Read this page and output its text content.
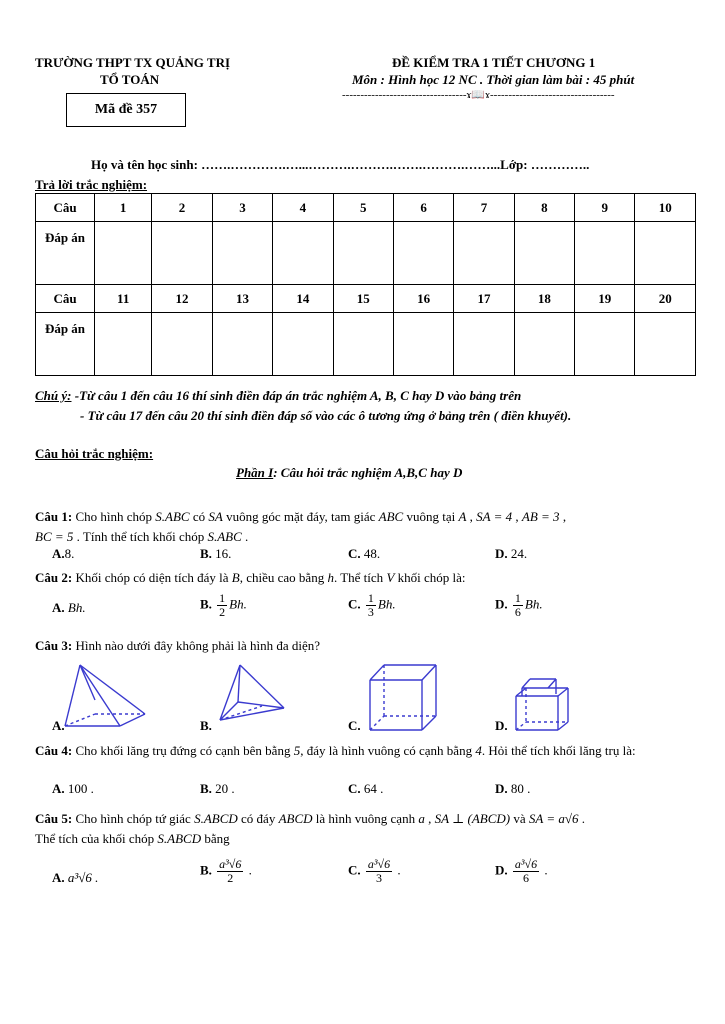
TRƯỜNG THPT TX QUẢNG TRỊ
TỔ TOÁN
ĐỀ KIỂM TRA 1 TIẾT CHƯƠNG 1
Môn : Hình học 12 NC . Thời gian làm bài : 45 phút
----------------------------------ɤ📖ɤ----------------------------------
Mã đề 357
Họ và tên học sinh: …….………….…...……….……….…….……….……...Lớp: …………..
Trả lời trắc nghiệm:
Câu	1	2	3	4	5	6	7	8	9	10
Đáp án										
Câu	11	12	13	14	15	16	17	18	19	20
Đáp án										
Chú ý: -Từ câu 1 đến câu 16 thí sinh điền đáp án trắc nghiệm A, B, C hay D vào bảng trên
- Từ câu 17 đến câu 20 thí sinh điền đáp số vào các ô tương ứng ở bảng trên ( điền khuyết).
Câu hỏi trắc nghiệm:
Phần I: Câu hỏi trắc nghiệm A,B,C hay D
Câu 1: Cho hình chóp S.ABC có SA vuông góc mặt đáy, tam giác ABC vuông tại A , SA = 4 , AB = 3 ,
BC = 5 . Tính thể tích khối chóp S.ABC .
A.8.	B. 16.	C. 48.	D. 24.
Câu 2: Khối chóp có diện tích đáy là B, chiều cao bằng h. Thể tích V khối chóp là:
A. Bh.	B. $\frac{1}{2} Bh$.	C. $\frac{1}{3} Bh$.	D. $\frac{1}{6} Bh$.
Câu 3: Hình nào dưới đây không phải là hình đa diện?
A.	B.	C.	D.
Câu 4: Cho khối lăng trụ đứng có cạnh bên bằng 5, đáy là hình vuông có cạnh bằng 4. Hỏi thể tích khối lăng trụ là:
A. 100 .	B. 20 .	C. 64 .	D. 80 .
Câu 5: Cho hình chóp tứ giác S.ABCD có đáy ABCD là hình vuông cạnh a , SA ⊥ (ABCD) và SA = a√6 .
Thể tích của khối chóp S.ABCD bằng
A. a³√6 .
B. $\frac{\text{a³√6}}{2}$ .	C. $\frac{\text{a³√6}}{3}$ .	D. $\frac{\text{a³√6}}{6}$ .
